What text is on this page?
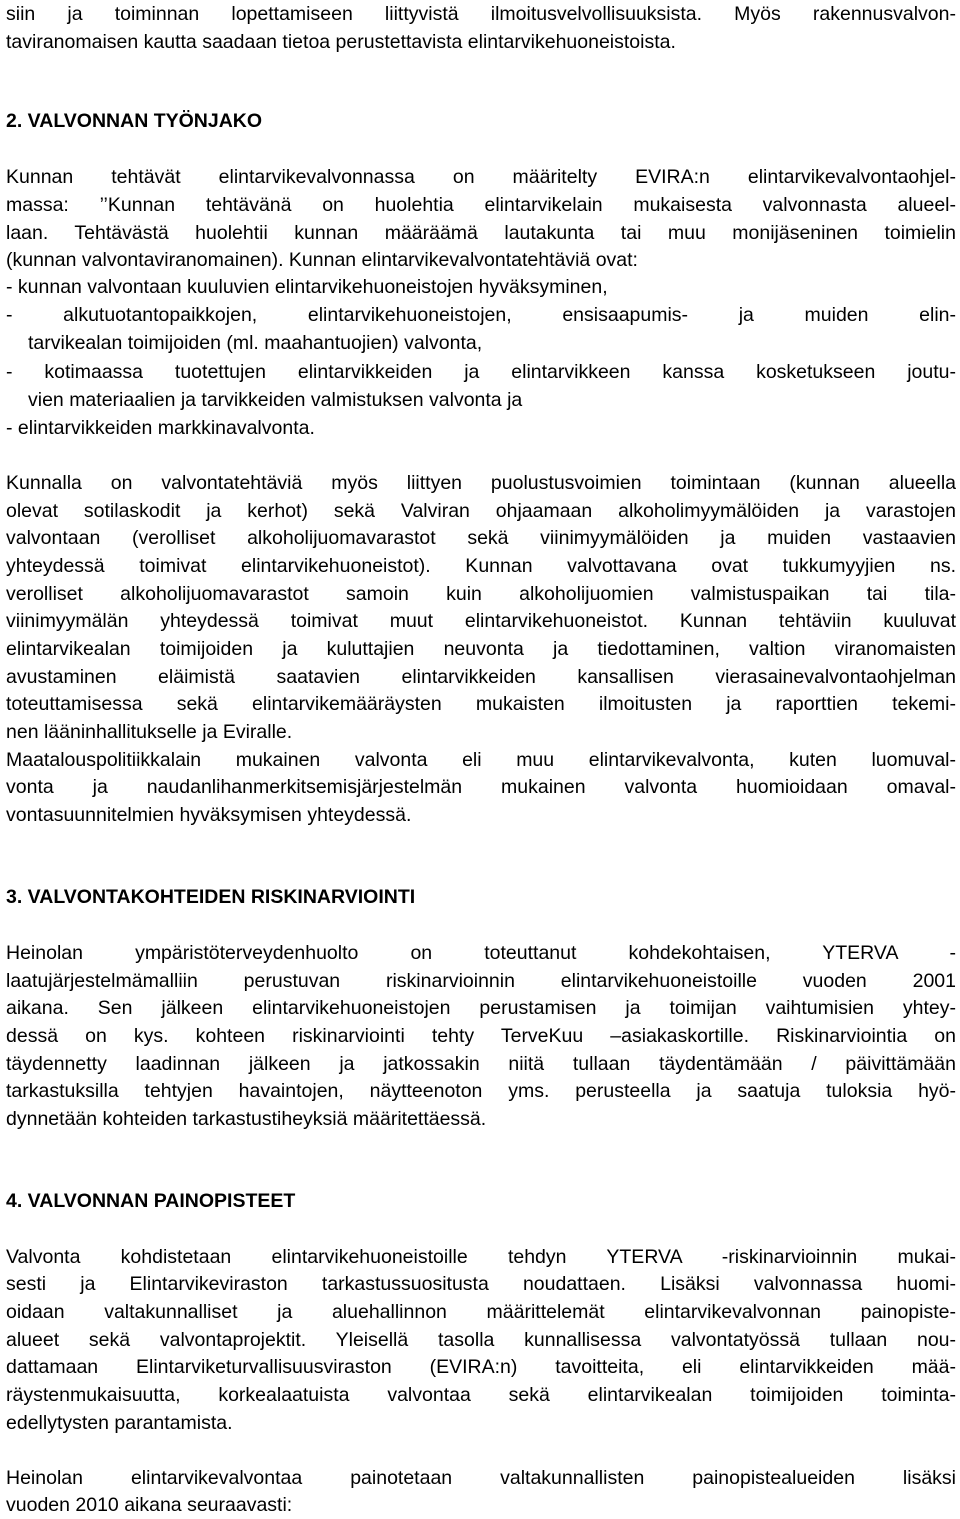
siin ja toiminnan lopettamiseen liittyvistä ilmoitusvelvollisuuksista. Myös rakennusvalvon-
taviranomaisen kautta saadaan tietoa perustettavista elintarvikehuoneistoista.
2. VALVONNAN TYÖNJAKO
Kunnan tehtävät elintarvikevalvonnassa on määritelty EVIRA:n elintarvikevalvontaohjel-
massa: ’’Kunnan tehtävänä on huolehtia elintarvikelain mukaisesta valvonnasta alueel-
laan. Tehtävästä huolehtii kunnan määräämä lautakunta tai muu monijäseninen toimielin
(kunnan valvontaviranomainen). Kunnan elintarvikevalvontatehtäviä ovat:
- kunnan valvontaan kuuluvien elintarvikehuoneistojen hyväksyminen,
- alkutuotantopaikkojen, elintarvikehuoneistojen, ensisaapumis- ja muiden elin-
tarvikealan toimijoiden (ml. maahantuojien) valvonta,
- kotimaassa tuotettujen elintarvikkeiden ja elintarvikkeen kanssa kosketukseen joutu-
vien materiaalien ja tarvikkeiden valmistuksen valvonta ja
- elintarvikkeiden markkinavalvonta.
Kunnalla on valvontatehtäviä myös liittyen puolustusvoimien toimintaan (kunnan alueella
olevat sotilaskodit ja kerhot) sekä Valviran ohjaamaan alkoholimyymälöiden ja varastojen
valvontaan (verolliset alkoholijuomavarastot sekä viinimyymälöiden ja muiden vastaavien
yhteydessä toimivat elintarvikehuoneistot). Kunnan valvottavana ovat tukkumyyjien ns.
verolliset alkoholijuomavarastot samoin kuin alkoholijuomien valmistuspaikan tai tila-
viinimyymälän yhteydessä toimivat muut elintarvikehuoneistot. Kunnan tehtäviin kuuluvat
elintarvikealan toimijoiden ja kuluttajien neuvonta ja tiedottaminen, valtion viranomaisten
avustaminen eläimistä saatavien elintarvikkeiden kansallisen vierasainevalvontaohjelman
toteuttamisessa sekä elintarvikemääräysten mukaisten ilmoitusten ja raporttien tekemi-
nen lääninhallitukselle ja Eviralle.
Maatalouspolitiikkalain mukainen valvonta eli muu elintarvikevalvonta, kuten luomuval-
vonta ja naudanlihanmerkitsemisjärjestelmän mukainen valvonta huomioidaan omaval-
vontasuunnitelmien hyväksymisen yhteydessä.
3. VALVONTAKOHTEIDEN RISKINARVIOINTI
Heinolan ympäristöterveydenhuolto on toteuttanut kohdekohtaisen, YTERVA -
laatujärjestelmämalliin perustuvan riskinarvioinnin elintarvikehuoneistoille vuoden 2001
aikana. Sen jälkeen elintarvikehuoneistojen perustamisen ja toimijan vaihtumisien yhtey-
dessä on kys. kohteen riskinarviointi tehty TerveKuu –asiakaskortille. Riskinarviointia on
täydennetty laadinnan jälkeen ja jatkossakin niitä tullaan täydentämään / päivittämään
tarkastuksilla tehtyjen havaintojen, näytteenoton yms. perusteella ja saatuja tuloksia hyö-
dynnetään kohteiden tarkastustiheyksiä määritettäessä.
4. VALVONNAN PAINOPISTEET
Valvonta kohdistetaan elintarvikehuoneistoille tehdyn YTERVA -riskinarvioinnin mukai-
sesti ja Elintarvikeviraston tarkastussuositusta noudattaen. Lisäksi valvonnassa huomi-
oidaan valtakunnalliset ja aluehallinnon määrittelemät elintarvikevalvonnan painopiste-
alueet sekä valvontaprojektit. Yleisellä tasolla kunnallisessa valvontatyössä tullaan nou-
dattamaan Elintarviketurvallisuusviraston (EVIRA:n) tavoitteita, eli elintarvikkeiden mää-
räystenmukaisuutta, korkealaatuista valvontaa sekä elintarvikealan toimijoiden toiminta-
edellytysten parantamista.
Heinolan elintarvikevalvontaa painotetaan valtakunnallisten painopistealueiden lisäksi
vuoden 2010 aikana seuraavasti:
